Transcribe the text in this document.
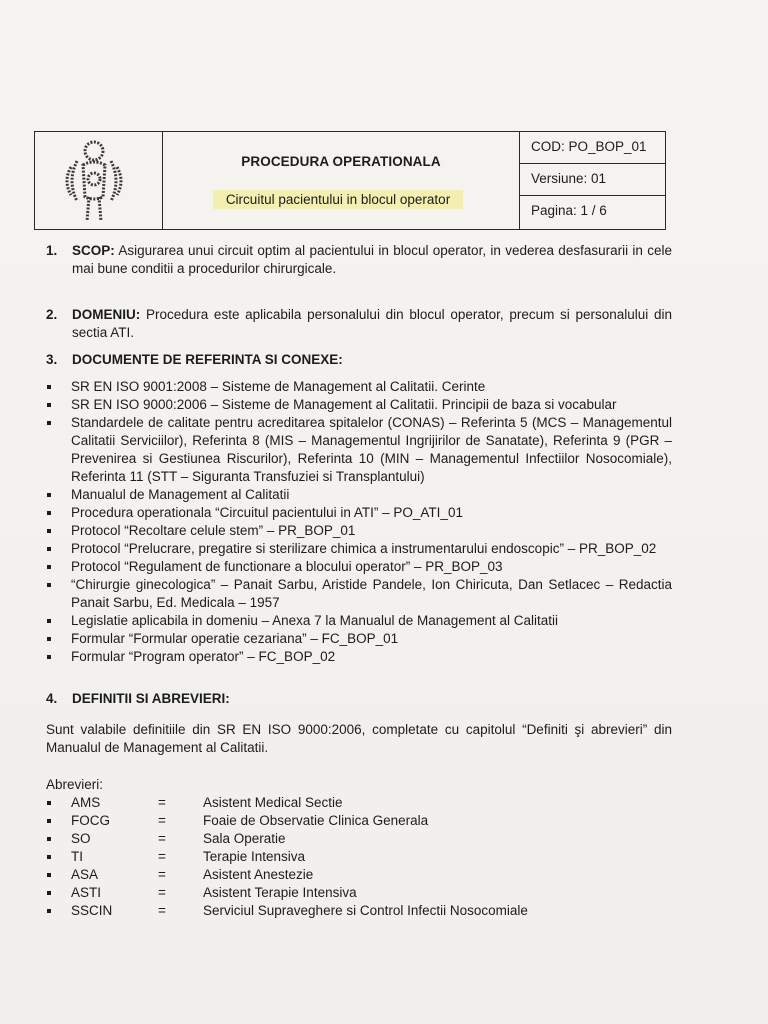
PROCEDURA OPERATIONALA
Circuitul pacientului in blocul operator
COD: PO_BOP_01
Versiune: 01
Pagina: 1 / 6
1. SCOP: Asigurarea unui circuit optim al pacientului in blocul operator, in vederea desfasurarii in cele mai bune conditii a procedurilor chirurgicale.
2. DOMENIU: Procedura este aplicabila personalului din blocul operator, precum si personalului din sectia ATI.
3. DOCUMENTE DE REFERINTA SI CONEXE:
SR EN ISO 9001:2008 – Sisteme de Management al Calitatii. Cerinte
SR EN ISO 9000:2006 – Sisteme de Management al Calitatii. Principii de baza si vocabular
Standardele de calitate pentru acreditarea spitalelor (CONAS) – Referinta 5 (MCS – Managementul Calitatii Serviciilor), Referinta 8 (MIS – Managementul Ingrijirilor de Sanatate), Referinta 9 (PGR – Prevenirea si Gestiunea Riscurilor), Referinta 10 (MIN – Managementul Infectiilor Nosocomiale), Referinta 11 (STT – Siguranta Transfuziei si Transplantului)
Manualul de Management al Calitatii
Procedura operationala “Circuitul pacientului in ATI” – PO_ATI_01
Protocol “Recoltare celule stem” – PR_BOP_01
Protocol “Prelucrare, pregatire si sterilizare chimica a instrumentarului endoscopic” – PR_BOP_02
Protocol “Regulament de functionare a blocului operator” – PR_BOP_03
“Chirurgie ginecologica” – Panait Sarbu, Aristide Pandele, Ion Chiricuta, Dan Setlacec – Redactia Panait Sarbu, Ed. Medicala – 1957
Legislatie aplicabila in domeniu – Anexa 7 la Manualul de Management al Calitatii
Formular “Formular operatie cezariana” – FC_BOP_01
Formular “Program operator” – FC_BOP_02
4. DEFINITII SI ABREVIERI:
Sunt valabile definitiile din SR EN ISO 9000:2006, completate cu capitolul “Definiti şi abrevieri” din Manualul de Management al Calitatii.
Abrevieri:
AMS	=	Asistent Medical Sectie
FOCG	=	Foaie de Observatie Clinica Generala
SO	=	Sala Operatie
TI	=	Terapie Intensiva
ASA	=	Asistent Anestezie
ASTI	=	Asistent Terapie Intensiva
SSCIN	=	Serviciul Supraveghere si Control Infectii Nosocomiale
